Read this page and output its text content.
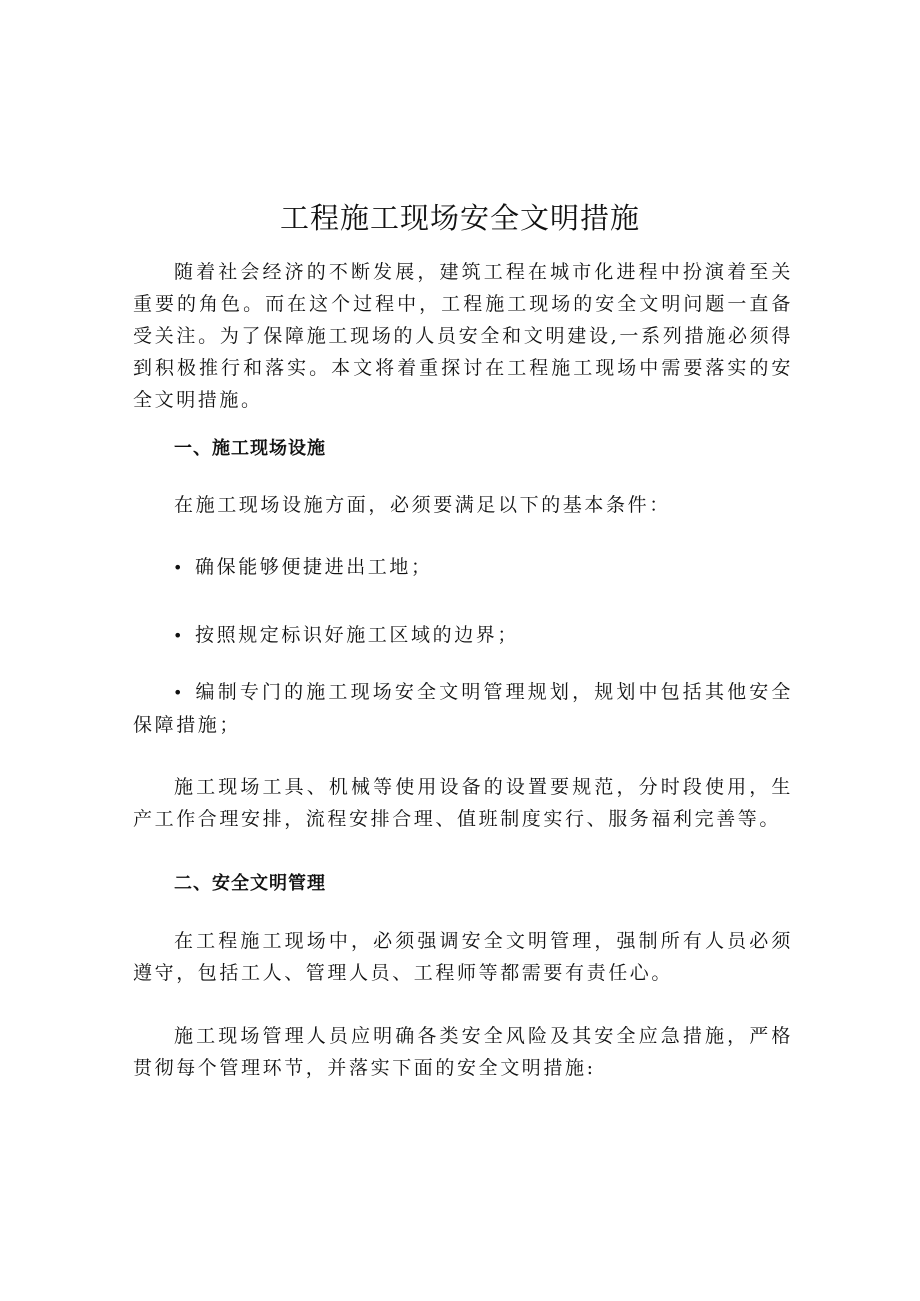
工程施工现场安全文明措施

随着社会经济的不断发展，建筑工程在城市化进程中扮演着至关重要的角色。而在这个过程中，工程施工现场的安全文明问题一直备受关注。为了保障施工现场的人员安全和文明建设,一系列措施必须得到积极推行和落实。本文将着重探讨在工程施工现场中需要落实的安全文明措施。

一、施工现场设施

在施工现场设施方面，必须要满足以下的基本条件：

• 确保能够便捷进出工地；

• 按照规定标识好施工区域的边界；

• 编制专门的施工现场安全文明管理规划，规划中包括其他安全保障措施；

施工现场工具、机械等使用设备的设置要规范，分时段使用，生产工作合理安排，流程安排合理、值班制度实行、服务福利完善等。

二、安全文明管理

在工程施工现场中，必须强调安全文明管理，强制所有人员必须遵守，包括工人、管理人员、工程师等都需要有责任心。

施工现场管理人员应明确各类安全风险及其安全应急措施，严格贯彻每个管理环节，并落实下面的安全文明措施:
